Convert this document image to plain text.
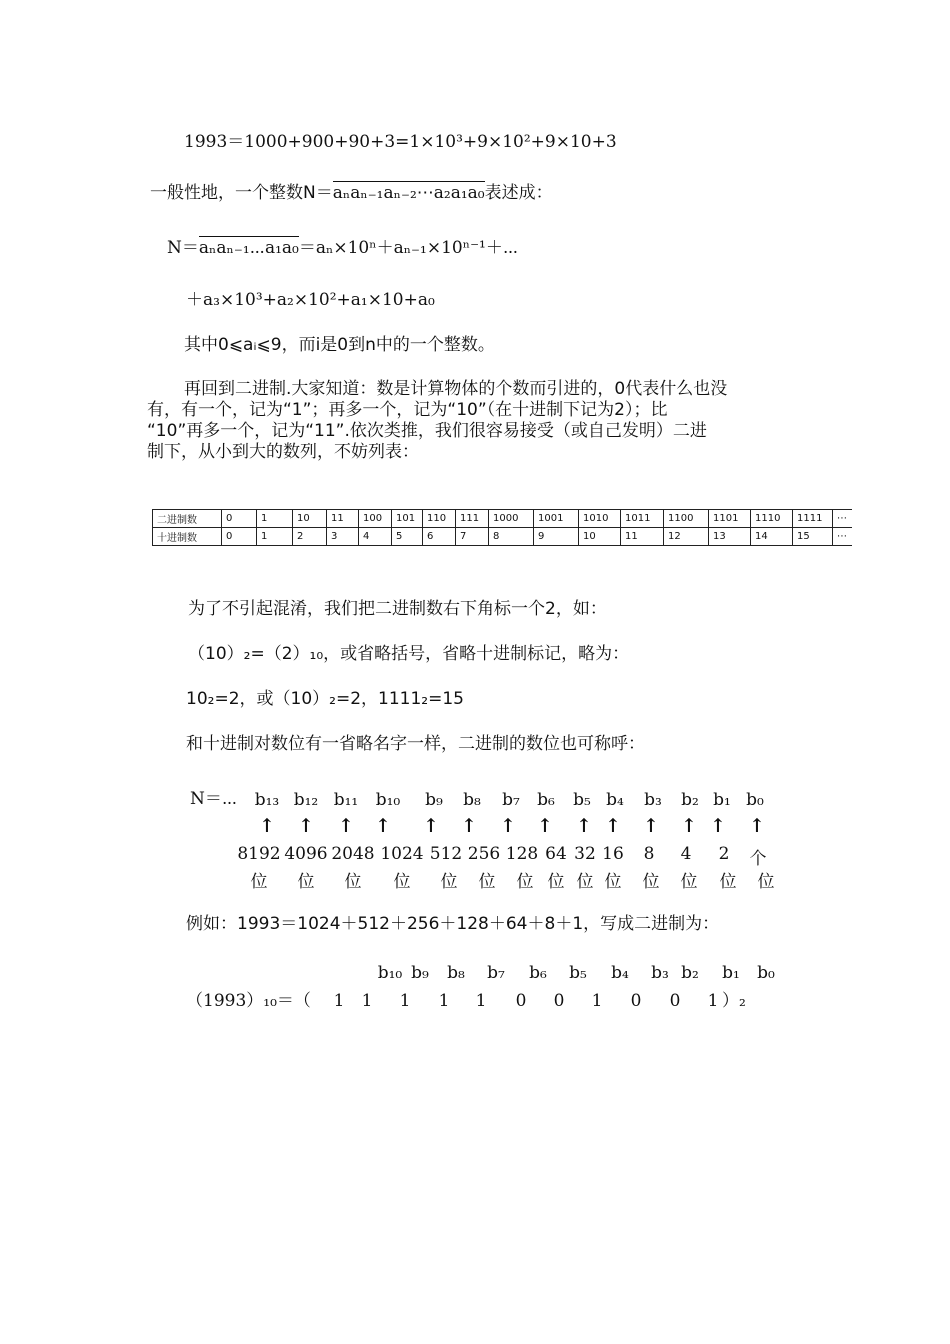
1993＝1000+900+90+3=1×10³+9×10²+9×10+3
一般性地，一个整数N＝aₙaₙ₋₁aₙ₋₂⋯a₂a₁a₀表述成：
N＝aₙaₙ₋₁⋯a₁a₀＝aₙ×10ⁿ＋aₙ₋₁×10ⁿ⁻¹＋⋯
＋a₃×10³+a₂×10²+a₁×10+a₀
其中0⩽aᵢ⩽9，而i是0到n中的一个整数。
再回到二进制.大家知道：数是计算物体的个数而引进的，0代表什么也没
有，有一个，记为“1”；再多一个，记为“10”（在十进制下记为2）；比
“10”再多一个，记为“11”.依次类推，我们很容易接受（或自己发明）二进
制下，从小到大的数列，不妨列表：
二进制数	0	1	10	11	100	101	110	111	1000	1001	1010	1011	1100	1101	1110	1111	⋯
十进制数	0	1	2	3	4	5	6	7	8	9	10	11	12	13	14	15	⋯
为了不引起混淆，我们把二进制数右下角标一个2，如：
（10）₂=（2）₁₀，或省略括号，省略十进制标记，略为：
10₂=2，或（10）₂=2，1111₂=15
和十进制对数位有一省略名字一样，二进制的数位也可称呼：
N＝⋯	b₁₃ b₁₂ b₁₁	b₁₀	b₉	b₈	b₇	b₆	b₅ b₄	b₃	b₂ b₁ b₀
↑	↑	↑	↑	↑	↑	↑	↑	↑ ↑	↑	↑ ↑	↑
8192 4096 2048 1024 512 256 128 64 32 16	8	4	2	个
位	位	位	位	位	位	位 位 位 位	位	位	位	位
例如：1993＝1024＋512＋256＋128＋64＋8＋1，写成二进制为：
b₁₀ b₉	b₈	b₇	b₆	b₅	b₄	b₃ b₂	b₁	b₀
（1993）₁₀＝（	1	1	1	1	1	0	0	1	0	0	1 ）₂
